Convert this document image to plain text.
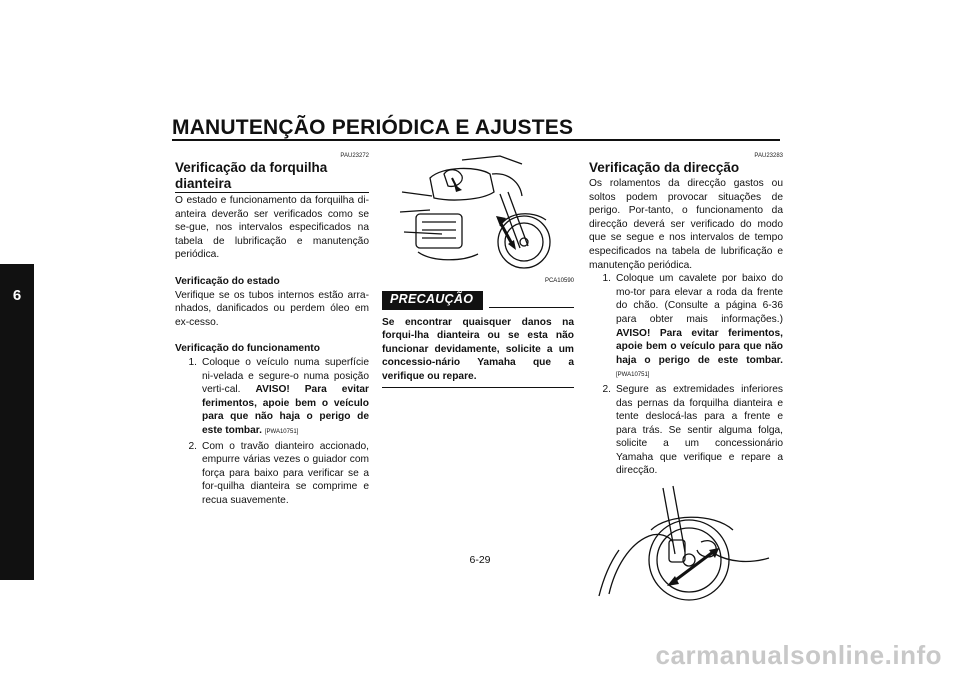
MANUTENÇÃO PERIÓDICA E AJUSTES
6
PAU23272
Verificação da forquilha dianteira

O estado e funcionamento da forquilha di-anteira deverão ser verificados como se se-gue, nos intervalos especificados na tabela de lubrificação e manutenção periódica.

Verificação do estado

Verifique se os tubos internos estão arra-nhados, danificados ou perdem óleo em ex-cesso.

Verificação do funcionamento
1. Coloque o veículo numa superfície ni-velada e segure-o numa posição verti-cal. AVISO! Para evitar ferimentos, apoie bem o veículo para que não haja o perigo de este tombar. [PWA10751]
2. Com o travão dianteiro accionado, empurre várias vezes o guiador com força para baixo para verificar se a for-quilha dianteira se comprime e recua suavemente.
PCA10590
PRECAUÇÃO

Se encontrar quaisquer danos na forqui-lha dianteira ou se esta não funcionar devidamente, solicite a um concessio-nário Yamaha que a verifique ou repare.

PAU23283
Verificação da direcção

Os rolamentos da direcção gastos ou soltos podem provocar situações de perigo. Por-tanto, o funcionamento da direcção deverá ser verificado do modo que se segue e nos intervalos de tempo especificados na tabela de lubrificação e manutenção periódica.

1. Coloque um cavalete por baixo do mo-tor para elevar a roda da frente do chão. (Consulte a página 6-36 para obter mais informações.) AVISO! Para evitar ferimentos, apoie bem o veículo para que não haja o perigo de este tombar. [PWA10751]
2. Segure as extremidades inferiores das pernas da forquilha dianteira e tente deslocá-las para a frente e para trás. Se sentir alguma folga, solicite a um concessionário Yamaha que verifique e repare a direcção.
6-29
carmanualsonline.info
